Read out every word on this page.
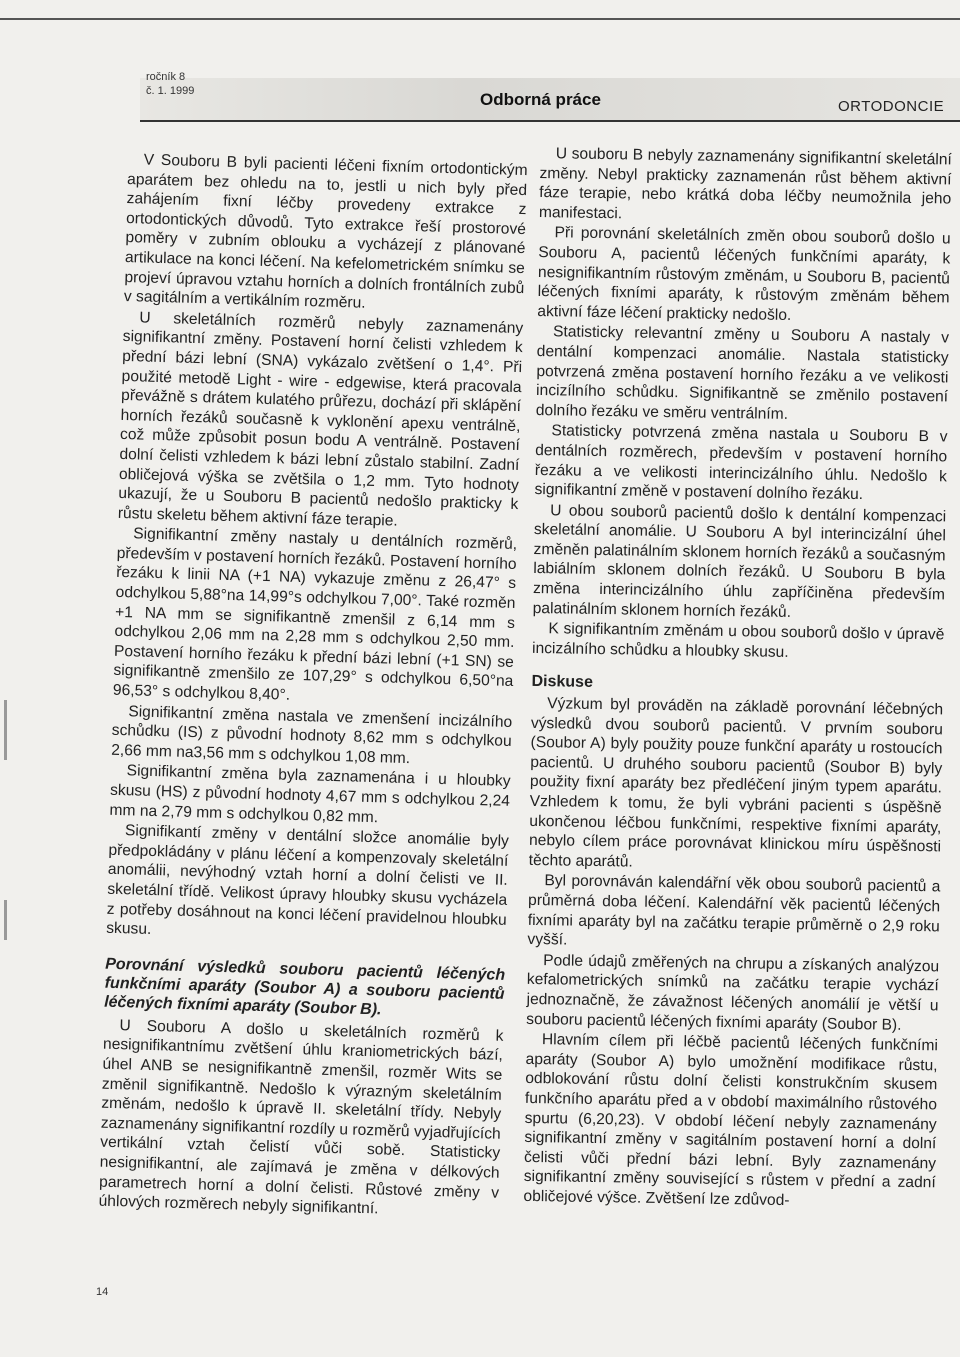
ročník 8
č. 1. 1999	Odborná práce	ORTODONCIE

V Souboru B byli pacienti léčeni fixním ortodontickým aparátem bez ohledu na to, jestli u nich byly před zahájením fixní léčby provedeny extrakce z ortodontických důvodů. Tyto extrakce řeší prostorové poměry v zubním oblouku a vycházejí z plánované artikulace na konci léčení. Na kefelometrickém snímku se projeví úpravou vztahu horních a dolních frontálních zubů v sagitálním a vertikálním rozměru.

U skeletálních rozměrů nebyly zaznamenány signifikantní změny. Postavení horní čelisti vzhledem k přední bázi lební (SNA) vykázalo zvětšení o 1,4°. Při použité metodě Light - wire - edgewise, která pracovala převážně s drátem kulatého průřezu, dochází při sklápění horních řezáků současně k vyklonění apexu ventrálně, což může způsobit posun bodu A ventrálně. Postavení dolní čelisti vzhledem k bázi lební zůstalo stabilní. Zadní obličejová výška se zvětšila o 1,2 mm. Tyto hodnoty ukazují, že u Souboru B pacientů nedošlo prakticky k růstu skeletu během aktivní fáze terapie.

Signifikantní změny nastaly u dentálních rozměrů, především v postavení horních řezáků. Postavení horního řezáku k linii NA (+1 NA) vykazuje změnu z 26,47° s odchylkou 5,88°na 14,99°s odchylkou 7,00°. Také rozměn +1 NA mm se signifikantně zmenšil z 6,14 mm s odchylkou 2,06 mm na 2,28 mm s odchylkou 2,50 mm. Postavení horního řezáku k přední bázi lební (+1 SN) se signifikantně zmenšilo ze 107,29° s odchylkou 6,50°na 96,53° s odchylkou 8,40°.

Signifikantní změna nastala ve zmenšení incizálního schůdku (IS) z původní hodnoty 8,62 mm s odchylkou 2,66 mm na3,56 mm s odchylkou 1,08 mm.

Signifikantní změna byla zaznamenána i u hloubky skusu (HS) z původní hodnoty 4,67 mm s odchylkou 2,24 mm na 2,79 mm s odchylkou 0,82 mm.

Signifikantí změny v dentální složce anomálie byly předpokládány v plánu léčení a kompenzovaly skeletální anomálii, nevýhodný vztah horní a dolní čelisti ve II. skeletální třídě. Velikost úpravy hloubky skusu vycházela z potřeby dosáhnout na konci léčení pravidelnou hloubku skusu.

Porovnání výsledků souboru pacientů léčených funkčními aparáty (Soubor A) a souboru pacientů léčených fixními aparáty (Soubor B).

U Souboru A došlo u skeletálních rozměrů k nesignifikantnímu zvětšení úhlu kraniometrických bází, úhel ANB se nesignifikantně zmenšil, rozměr Wits se změnil signifikantně. Nedošlo k výrazným skeletálním změnám, nedošlo k úpravě II. skeletální třídy. Nebyly zaznamenány signifikantní rozdíly u rozměrů vyjadřujících vertikální vztah čelistí vůči sobě. Statisticky nesignifikantní, ale zajímavá je změna v délkových parametrech horní a dolní čelisti. Růstové změny v úhlových rozměrech nebyly signifikantní.

U souboru B nebyly zaznamenány signifikantní skeletální změny. Nebyl prakticky zaznamenán růst během aktivní fáze terapie, nebo krátká doba léčby neumožnila jeho manifestaci.

Při porovnání skeletálních změn obou souborů došlo u Souboru A, pacientů léčených funkčními aparáty, k nesignifikantním růstovým změnám, u Souboru B, pacientů léčených fixními aparáty, k růstovým změnám během aktivní fáze léčení prakticky nedošlo.

Statisticky relevantní změny u Souboru A nastaly v dentální kompenzaci anomálie. Nastala statisticky potvrzená změna postavení horního řezáku a ve velikosti incizílního schůdku. Signifikantně se změnilo postavení dolního řezáku ve směru ventrálním.

Statisticky potvrzená změna nastala u Souboru B v dentálních rozměrech, především v postavení horního řezáku a ve velikosti interincizálního úhlu. Nedošlo k signifikantní změně v postavení dolního řezáku.

U obou souborů pacientů došlo k dentální kompenzaci skeletální anomálie. U Souboru A byl interincizální úhel změněn palatinálním sklonem horních řezáků a současným labiálním sklonem dolních řezáků. U Souboru B byla změna interincizálního úhlu zapříčiněna především palatinálním sklonem horních řezáků.

K signifikantním změnám u obou souborů došlo v úpravě incizálního schůdku a hloubky skusu.

Diskuse

Výzkum byl prováděn na základě porovnání léčebných výsledků dvou souborů pacientů. V prvním souboru (Soubor A) byly použity pouze funkční aparáty u rostoucích pacientů. U druhého souboru pacientů (Soubor B) byly použity fixní aparáty bez předléčení jiným typem aparátu. Vzhledem k tomu, že byli vybráni pacienti s úspěšně ukončenou léčbou funkčními, respektive fixními aparáty, nebylo cílem práce porovnávat klinickou míru úspěšnosti těchto aparátů.

Byl porovnáván kalendářní věk obou souborů pacientů a průměrná doba léčení. Kalendářní věk pacientů léčených fixními aparáty byl na začátku terapie průměrně o 2,9 roku vyšší.

Podle údajů změřených na chrupu a získaných analýzou kefalometrických snímků na začátku terapie vychází jednoznačně, že závažnost léčených anomálií je větší u souboru pacientů léčených fixními aparáty (Soubor B).

Hlavním cílem při léčbě pacientů léčených funkčními aparáty (Soubor A) bylo umožnění modifikace růstu, odblokování růstu dolní čelisti konstrukčním skusem funkčního aparátu před a v období maximálního růstového spurtu (6,20,23). V období léčení nebyly zaznamenány signifikantní změny v sagitálním postavení horní a dolní čelisti vůči přední bázi lební. Byly zaznamenány signifikantní změny související s růstem v přední a zadní obličejové výšce. Zvětšení lze zdůvod-

14
